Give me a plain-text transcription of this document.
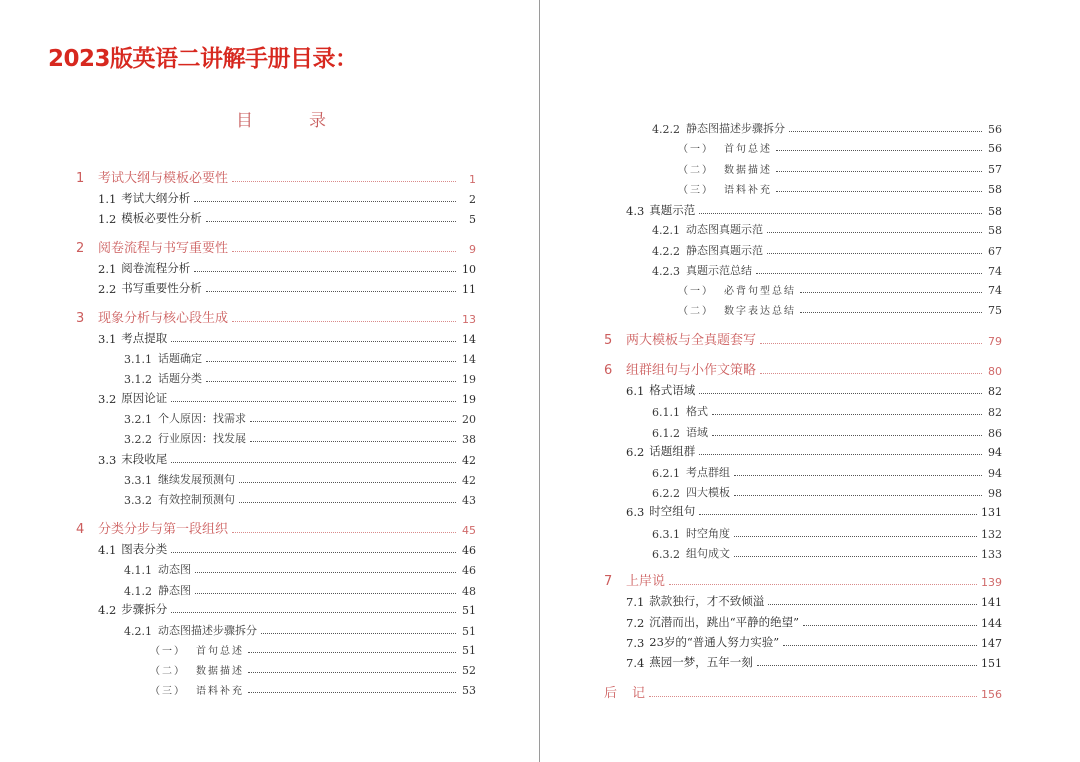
2023版英语二讲解手册目录：
目	录
1	考试大纲与模板必要性	1
1.1 考试大纲分析	2
1.2 模板必要性分析	5
2	阅卷流程与书写重要性	9
2.1 阅卷流程分析	10
2.2 书写重要性分析	11
3	现象分析与核心段生成	13
3.1 考点提取	14
3.1.1 话题确定	14
3.1.2 话题分类	19
3.2 原因论证	19
3.2.1 个人原因：找需求	20
3.2.2 行业原因：找发展	38
3.3 末段收尾	42
3.3.1 继续发展预测句	42
3.3.2 有效控制预测句	43
4	分类分步与第一段组织	45
4.1 图表分类	46
4.1.1 动态图	46
4.1.2 静态图	48
4.2 步骤拆分	51
4.2.1 动态图描述步骤拆分	51
（一） 首句总述	51
（二） 数据描述	52
（三） 语料补充	53
4.2.2 静态图描述步骤拆分	56
（一） 首句总述	56
（二） 数据描述	57
（三） 语料补充	58
4.3 真题示范	58
4.2.1 动态图真题示范	58
4.2.2 静态图真题示范	67
4.2.3 真题示范总结	74
（一） 必背句型总结	74
（二） 数字表达总结	75
5	两大模板与全真题套写	79
6	组群组句与小作文策略	80
6.1 格式语域	82
6.1.1 格式	82
6.1.2 语域	86
6.2 话题组群	94
6.2.1 考点群组	94
6.2.2 四大模板	98
6.3 时空组句	131
6.3.1 时空角度	132
6.3.2 组句成文	133
7	上岸说	139
7.1 款款独行，才不致倾溢	141
7.2 沉潜而出，跳出“平静的绝望”	144
7.3 23岁的“普通人努力实验”	147
7.4 燕园一梦，五年一刻	151
后	记	156
